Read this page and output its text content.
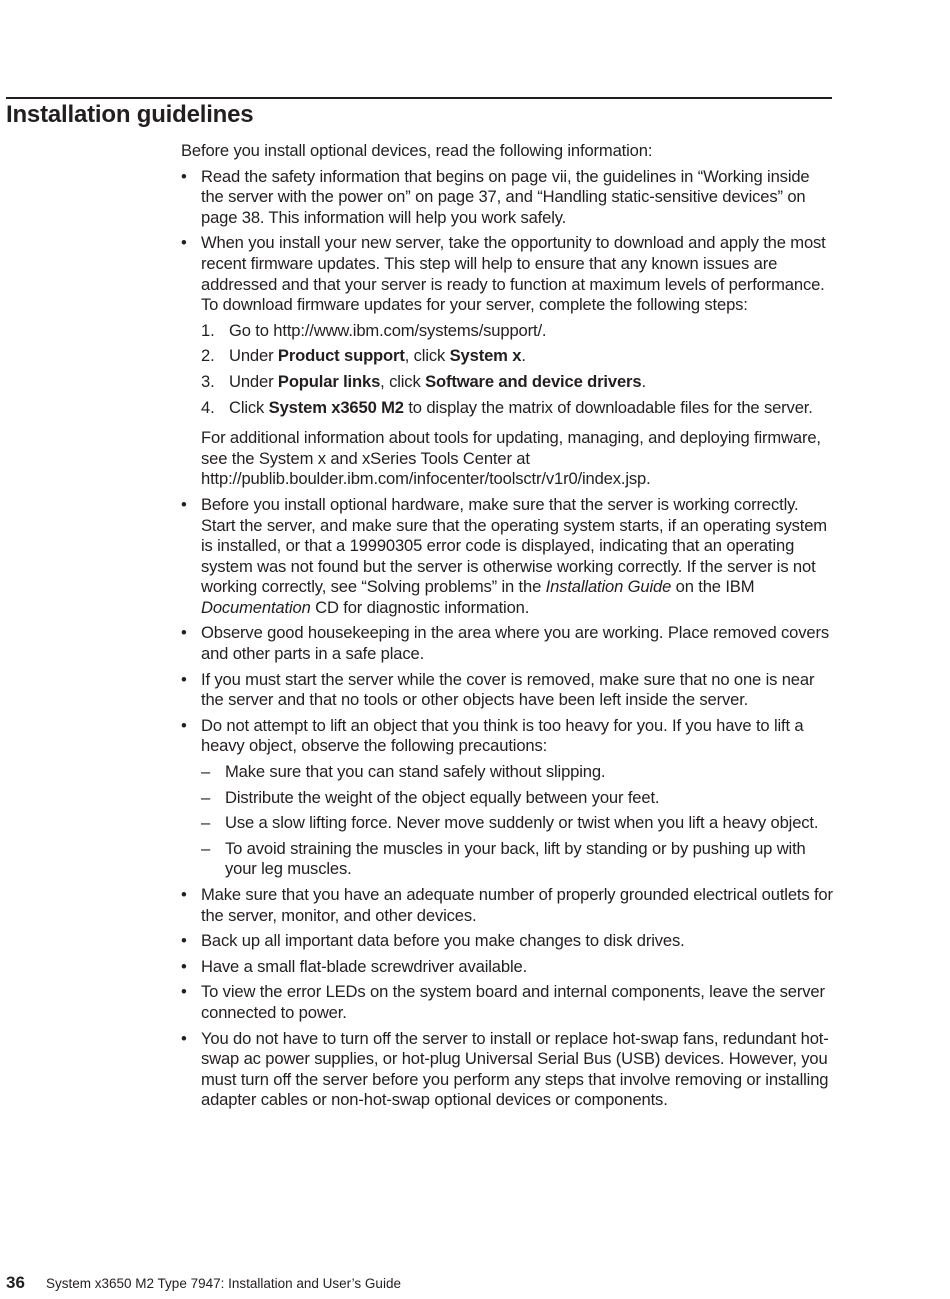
Installation guidelines

Before you install optional devices, read the following information:

• Read the safety information that begins on page vii, the guidelines in “Working inside the server with the power on” on page 37, and “Handling static-sensitive devices” on page 38. This information will help you work safely.
• When you install your new server, take the opportunity to download and apply the most recent firmware updates. This step will help to ensure that any known issues are addressed and that your server is ready to function at maximum levels of performance. To download firmware updates for your server, complete the following steps:
1. Go to http://www.ibm.com/systems/support/.
2. Under Product support, click System x.
3. Under Popular links, click Software and device drivers.
4. Click System x3650 M2 to display the matrix of downloadable files for the server.

For additional information about tools for updating, managing, and deploying firmware, see the System x and xSeries Tools Center at http://publib.boulder.ibm.com/infocenter/toolsctr/v1r0/index.jsp.

• Before you install optional hardware, make sure that the server is working correctly. Start the server, and make sure that the operating system starts, if an operating system is installed, or that a 19990305 error code is displayed, indicating that an operating system was not found but the server is otherwise working correctly. If the server is not working correctly, see “Solving problems” in the Installation Guide on the IBM Documentation CD for diagnostic information.
• Observe good housekeeping in the area where you are working. Place removed covers and other parts in a safe place.
• If you must start the server while the cover is removed, make sure that no one is near the server and that no tools or other objects have been left inside the server.
• Do not attempt to lift an object that you think is too heavy for you. If you have to lift a heavy object, observe the following precautions:
– Make sure that you can stand safely without slipping.
– Distribute the weight of the object equally between your feet.
– Use a slow lifting force. Never move suddenly or twist when you lift a heavy object.
– To avoid straining the muscles in your back, lift by standing or by pushing up with your leg muscles.
• Make sure that you have an adequate number of properly grounded electrical outlets for the server, monitor, and other devices.
• Back up all important data before you make changes to disk drives.
• Have a small flat-blade screwdriver available.
• To view the error LEDs on the system board and internal components, leave the server connected to power.
• You do not have to turn off the server to install or replace hot-swap fans, redundant hot-swap ac power supplies, or hot-plug Universal Serial Bus (USB) devices. However, you must turn off the server before you perform any steps that involve removing or installing adapter cables or non-hot-swap optional devices or components.
36 System x3650 M2 Type 7947: Installation and User’s Guide
